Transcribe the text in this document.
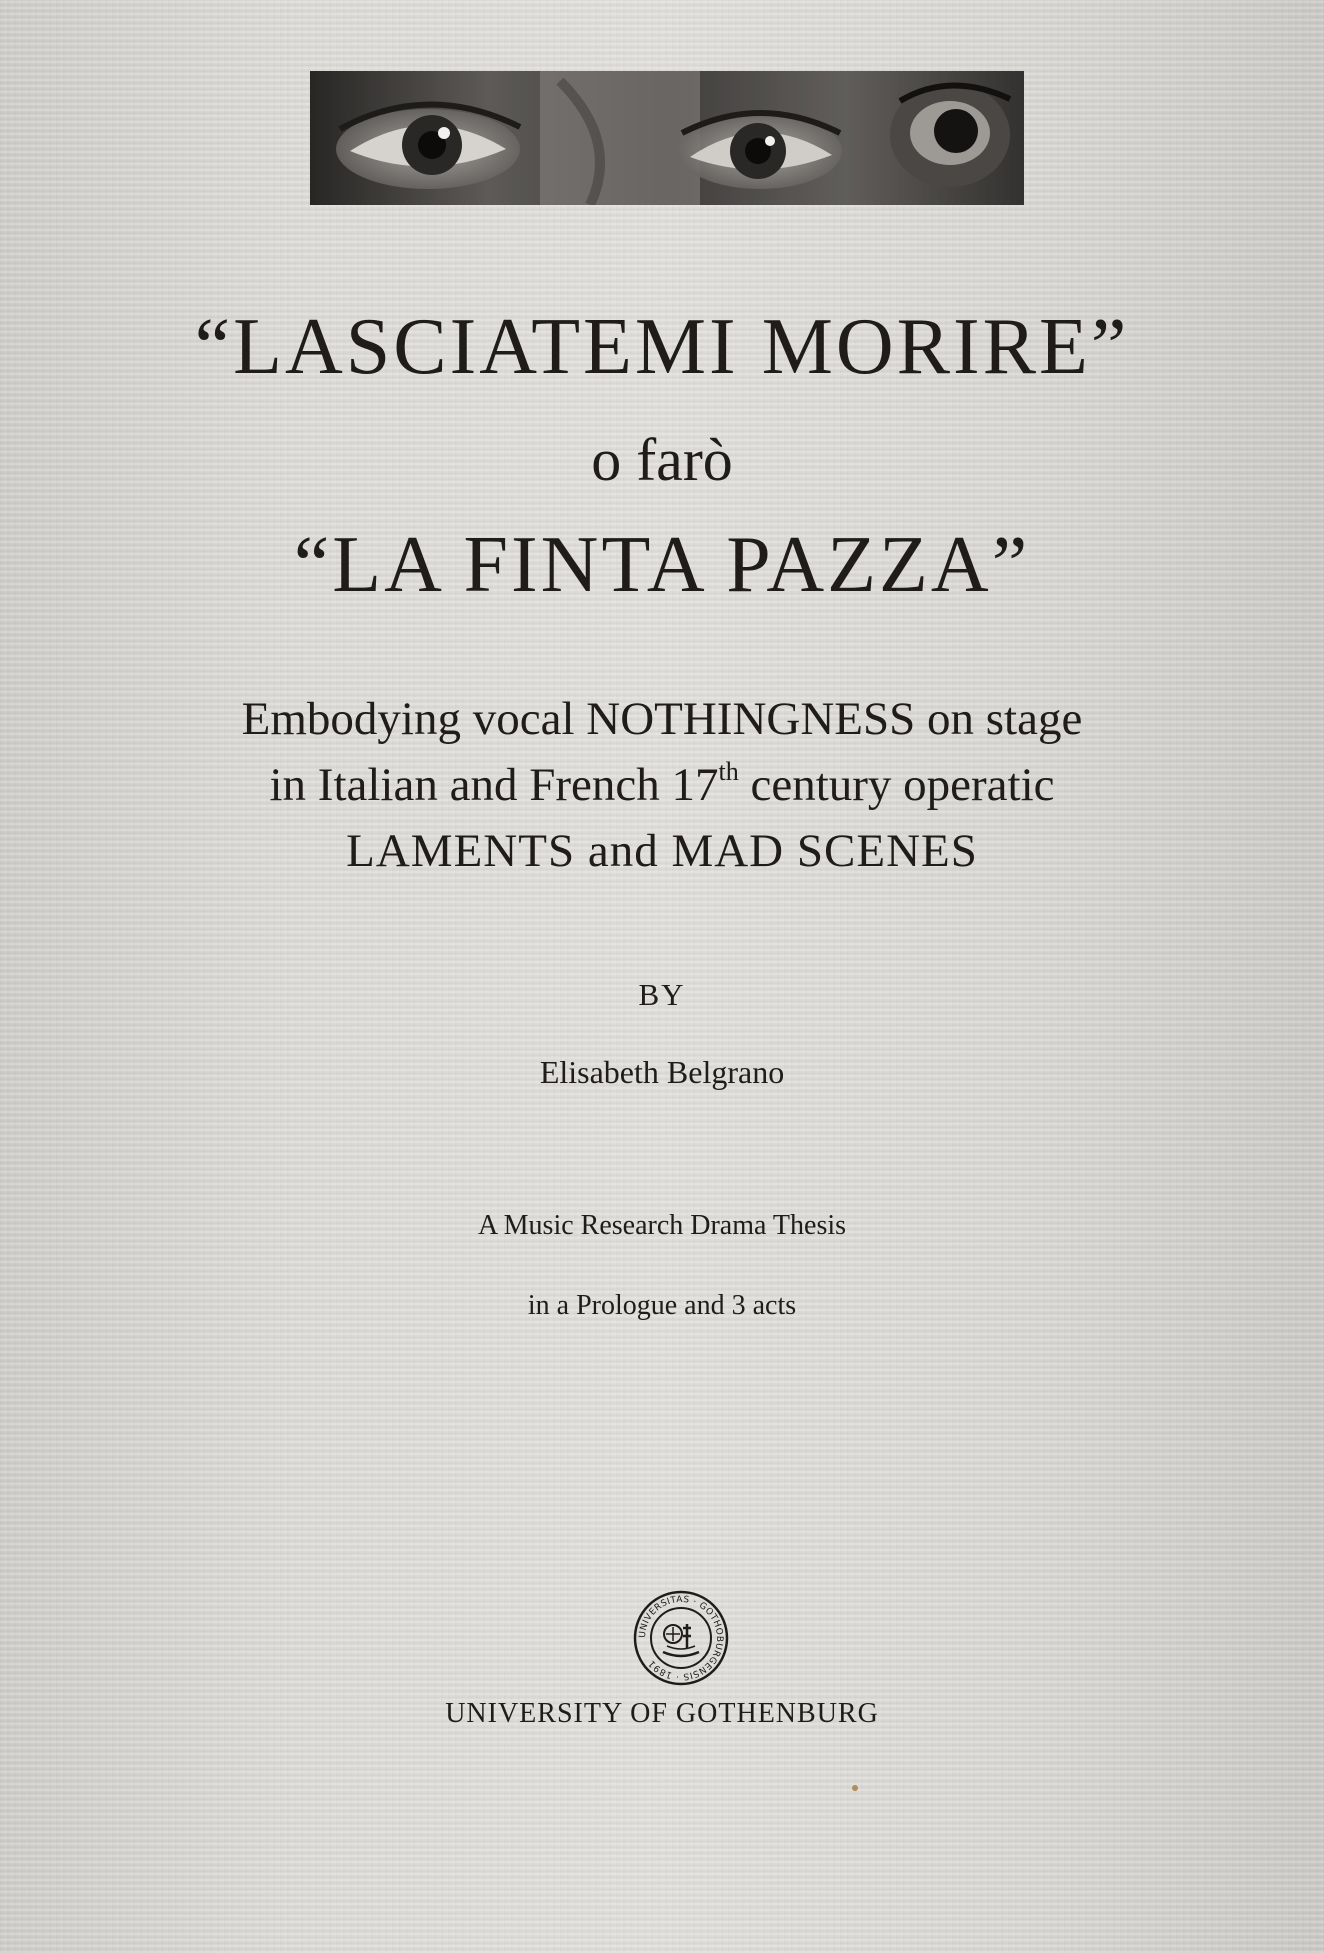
“LASCIATEMI MORIRE”
o farò
“LA FINTA PAZZA”
Embodying vocal NOTHINGNESS on stage
in Italian and French 17th century operatic
LAMENTS and MAD SCENES
BY
Elisabeth Belgrano
A Music Research Drama Thesis
in a Prologue and 3 acts
UNIVERSITAS · GOTHOBURGENSIS · 1891
UNIVERSITY OF GOTHENBURG
